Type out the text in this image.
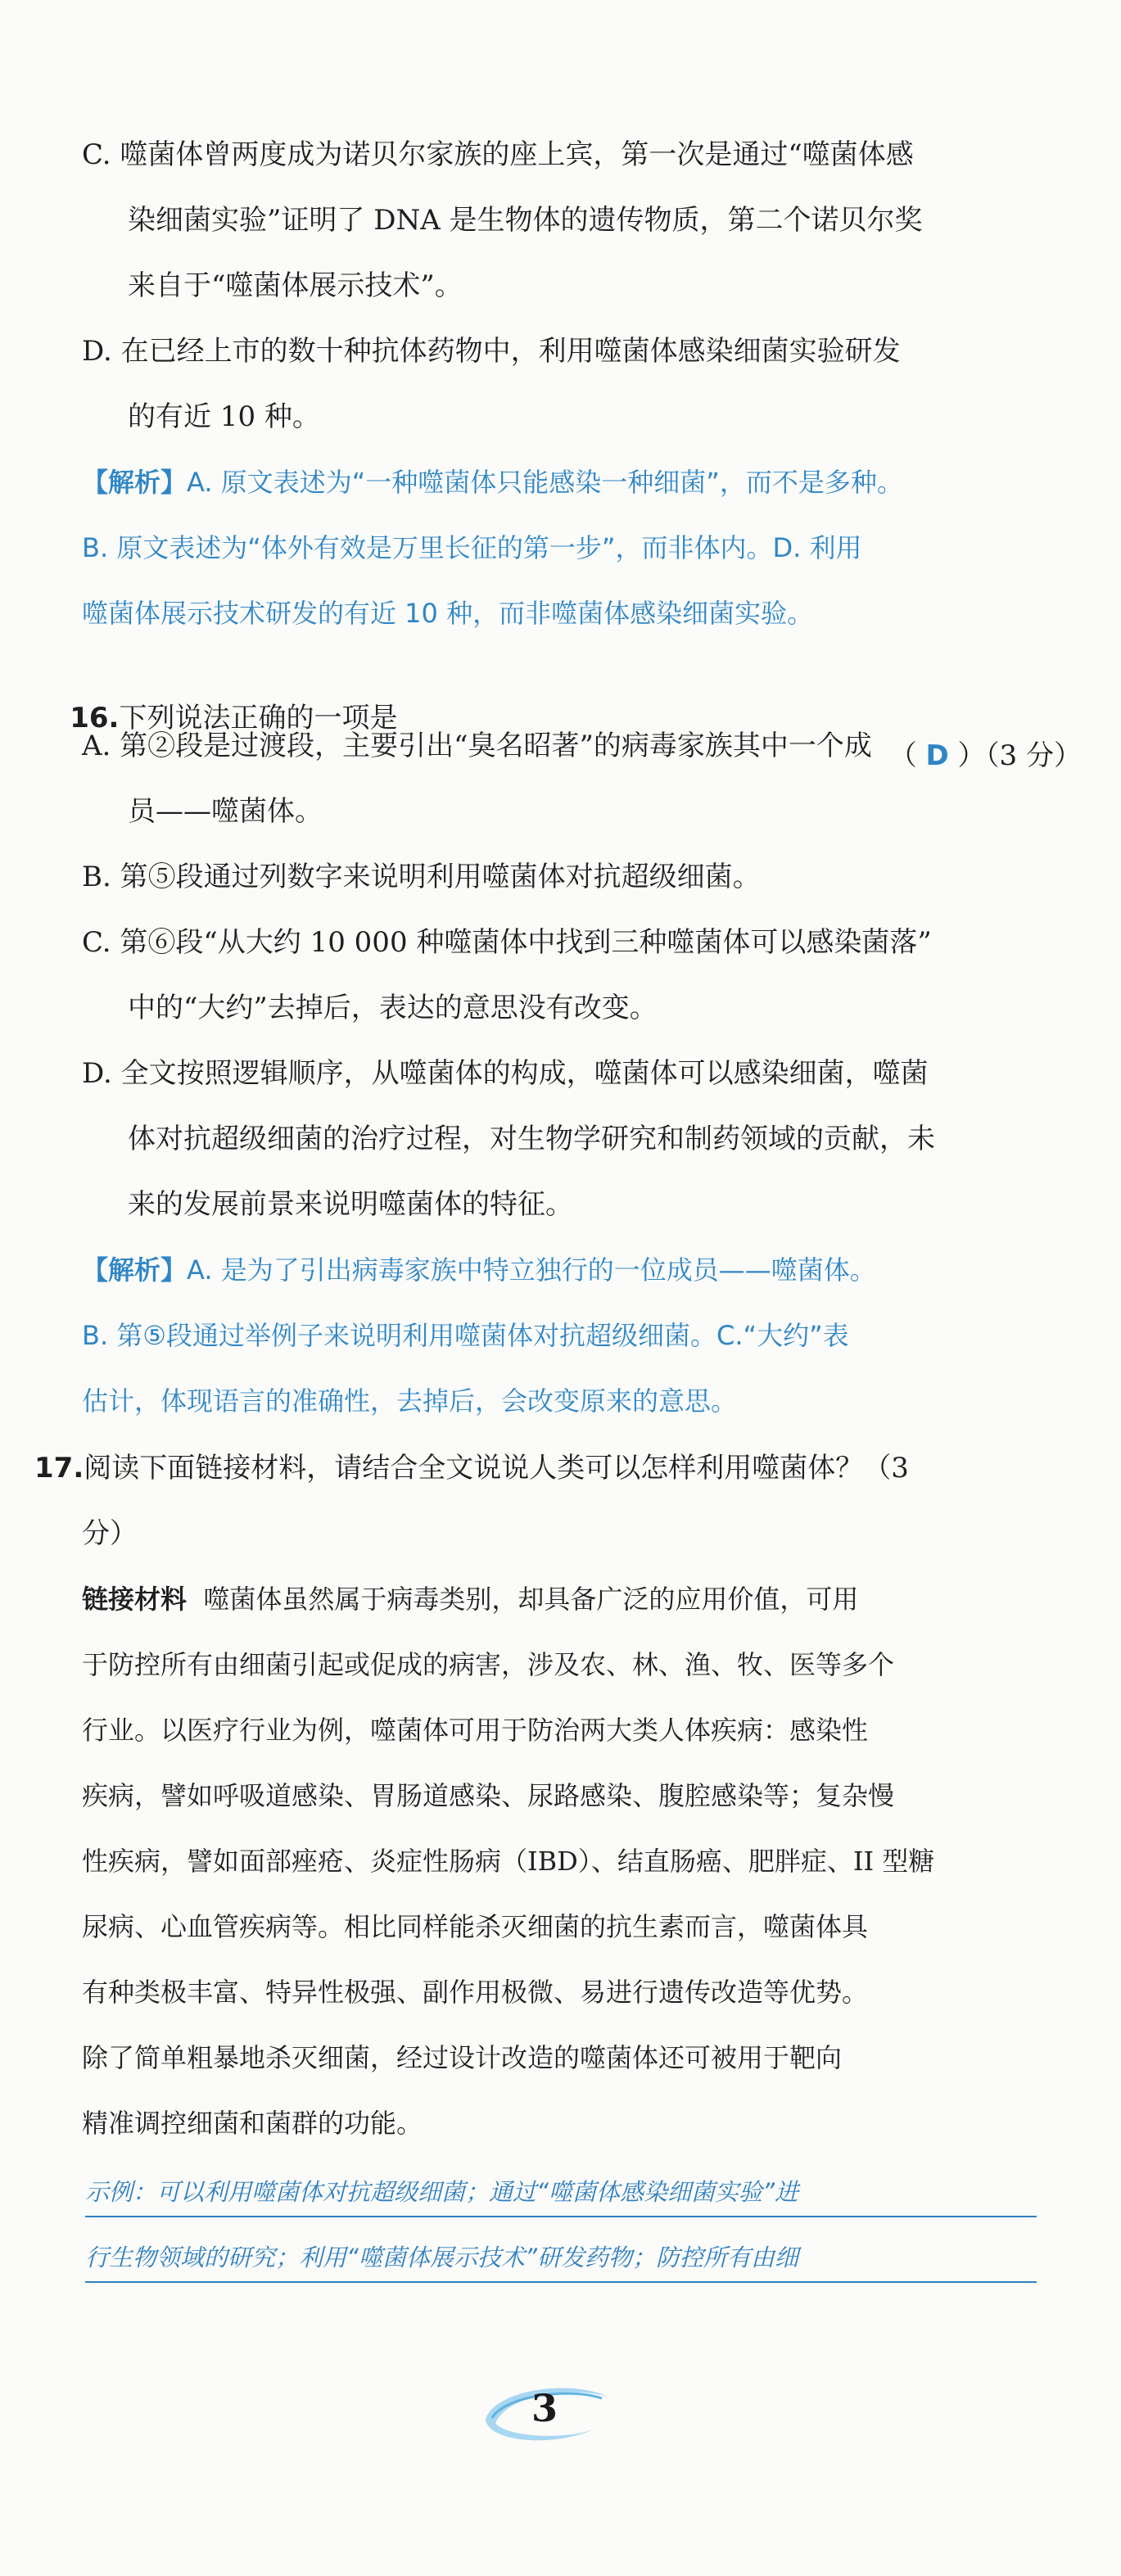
C. 噬菌体曾两度成为诺贝尔家族的座上宾，第一次是通过“噬菌体感
染细菌实验”证明了 DNA 是生物体的遗传物质，第二个诺贝尔奖
来自于“噬菌体展示技术”。
D. 在已经上市的数十种抗体药物中，利用噬菌体感染细菌实验研发
的有近 10 种。
【解析】A. 原文表述为“一种噬菌体只能感染一种细菌”，而不是多种。
B. 原文表述为“体外有效是万里长征的第一步”，而非体内。D. 利用
噬菌体展示技术研发的有近 10 种，而非噬菌体感染细菌实验。

16.下列说法正确的一项是

（ D ）（3 分）

A. 第②段是过渡段，主要引出“臭名昭著”的病毒家族其中一个成
员——噬菌体。
B. 第⑤段通过列数字来说明利用噬菌体对抗超级细菌。
C. 第⑥段“从大约 10 000 种噬菌体中找到三种噬菌体可以感染菌落”
中的“大约”去掉后，表达的意思没有改变。
D. 全文按照逻辑顺序，从噬菌体的构成，噬菌体可以感染细菌，噬菌
体对抗超级细菌的治疗过程，对生物学研究和制药领域的贡献，未
来的发展前景来说明噬菌体的特征。
【解析】A. 是为了引出病毒家族中特立独行的一位成员——噬菌体。
B. 第⑤段通过举例子来说明利用噬菌体对抗超级细菌。C.“大约”表
估计，体现语言的准确性，去掉后，会改变原来的意思。
17.阅读下面链接材料，请结合全文说说人类可以怎样利用噬菌体？（3
分）
链接材料 噬菌体虽然属于病毒类别，却具备广泛的应用价值，可用
于防控所有由细菌引起或促成的病害，涉及农、林、渔、牧、医等多个
行业。以医疗行业为例，噬菌体可用于防治两大类人体疾病：感染性
疾病，譬如呼吸道感染、胃肠道感染、尿路感染、腹腔感染等；复杂慢
性疾病，譬如面部痤疮、炎症性肠病（IBD）、结直肠癌、肥胖症、II 型糖
尿病、心血管疾病等。相比同样能杀灭细菌的抗生素而言，噬菌体具
有种类极丰富、特异性极强、副作用极微、易进行遗传改造等优势。
除了简单粗暴地杀灭细菌，经过设计改造的噬菌体还可被用于靶向
精准调控细菌和菌群的功能。
示例：可以利用噬菌体对抗超级细菌；通过“噬菌体感染细菌实验”进
行生物领域的研究；利用“噬菌体展示技术”研发药物；防控所有由细
3
